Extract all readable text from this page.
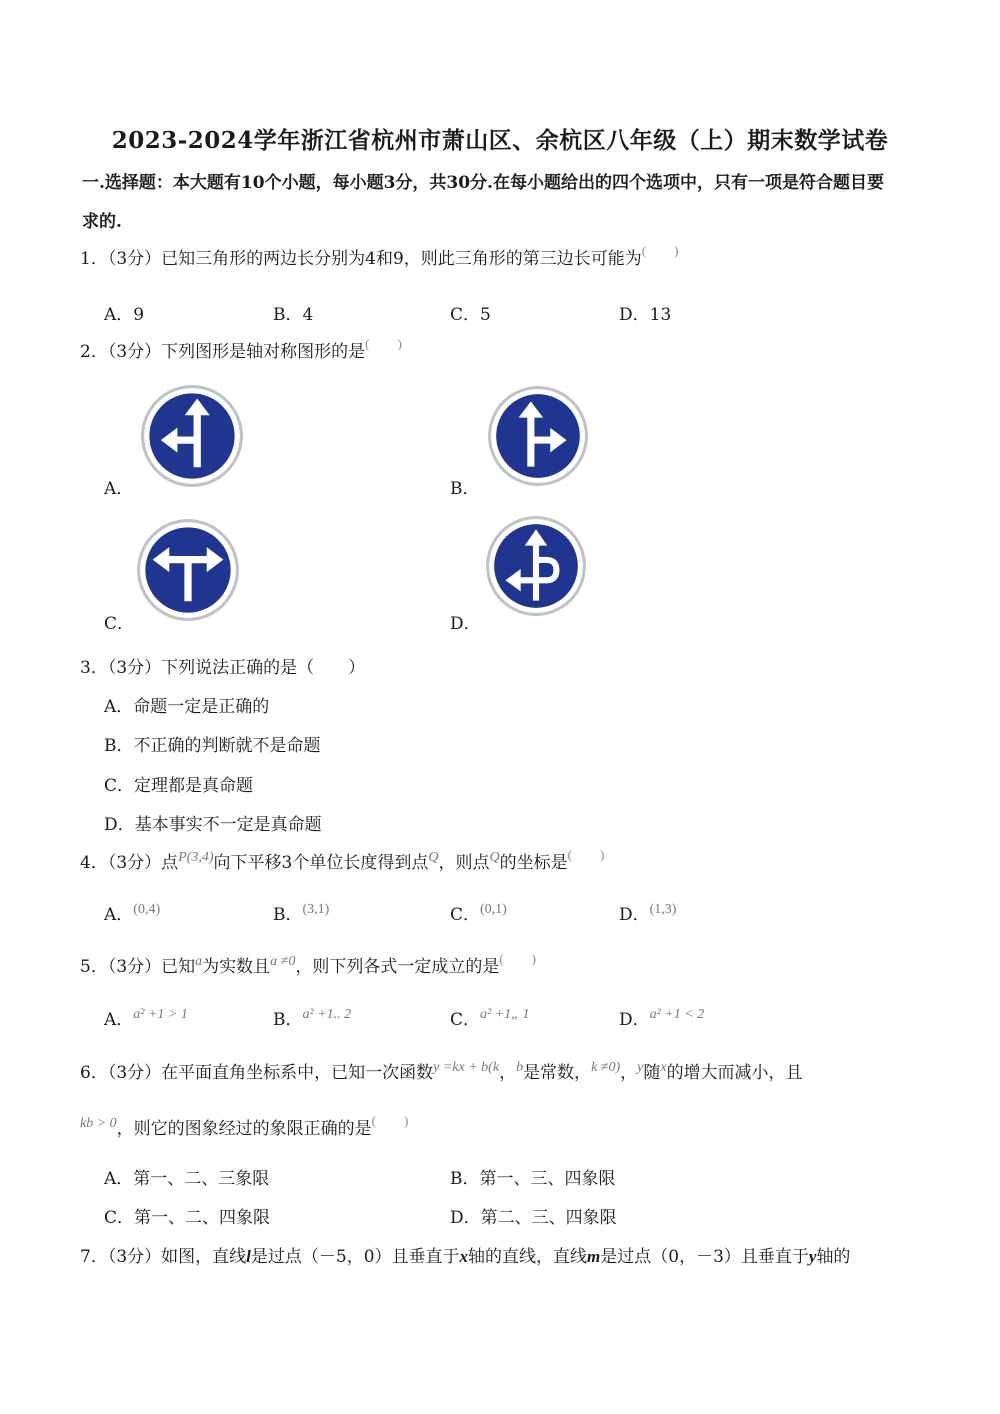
2023-2024学年浙江省杭州市萧山区、余杭区八年级（上）期末数学试卷
一.选择题：本大题有10个小题，每小题3分，共30分.在每小题给出的四个选项中，只有一项是符合题目要
求的.
1．（3分）已知三角形的两边长分别为4和9，则此三角形的第三边长可能为()
A．9	B．4	C．5	D．13
2．（3分）下列图形是轴对称图形的是()
A．	B．
C．	D．
3．（3分）下列说法正确的是（　　）
A．命题一定是正确的
B．不正确的判断就不是命题
C．定理都是真命题
D．基本事实不一定是真命题
4．（3分）点$^{P(3,4)}$向下平移3个单位长度得到点$^Q$，则点$^Q$的坐标是()
A．$^{(0,4)}$	B．$^{(3,1)}$	C．$^{(0,1)}$	D．$^{(1,3)}$
5．（3分）已知$^a$为实数且$^{a \ne 0}$，则下列各式一定成立的是()
A．$^{a^2 +1 > 1}$	B．$^{a^2 +1.. 2}$	C．$^{a^2 +1„ 1}$	D．$^{a^2 +1 < 2}$
6．（3分）在平面直角坐标系中，已知一次函数$^{y =kx + b(k}$，$^b$是常数，$^{k \ne 0)}$，$^y$随$^x$的增大而减小，且
$^{kb > 0}$，则它的图象经过的象限正确的是()
A．第一、二、三象限	B．第一、三、四象限
C．第一、二、四象限	D．第二、三、四象限
7．（3分）如图，直线l是过点（－5，0）且垂直于x轴的直线，直线m是过点（0，－3）且垂直于y轴的
